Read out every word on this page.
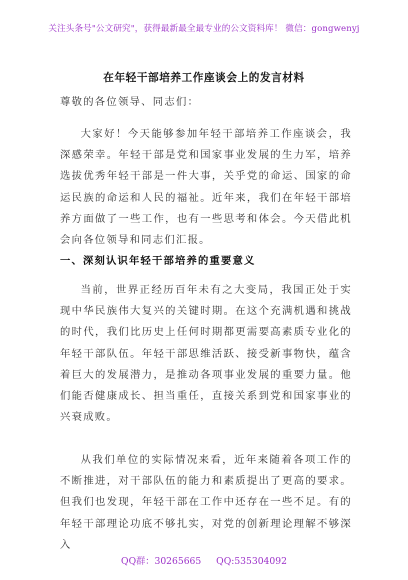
关注头条号"公文研究"，获得最新最全最专业的公文资料库！ 微信：gongwenyj
在年轻干部培养工作座谈会上的发言材料

尊敬的各位领导、同志们：

大家好！今天能够参加年轻干部培养工作座谈会，我深感荣幸。年轻干部是党和国家事业发展的生力军，培养选拔优秀年轻干部是一件大事，关乎党的命运、国家的命运民族的命运和人民的福祉。近年来，我们在年轻干部培养方面做了一些工作，也有一些思考和体会。今天借此机会向各位领导和同志们汇报。

一、深刻认识年轻干部培养的重要意义

当前，世界正经历百年未有之大变局，我国正处于实现中华民族伟大复兴的关键时期。在这个充满机遇和挑战的时代，我们比历史上任何时期都更需要高素质专业化的年轻干部队伍。年轻干部思维活跃、接受新事物快，蕴含着巨大的发展潜力，是推动各项事业发展的重要力量。他们能否健康成长、担当重任，直接关系到党和国家事业的兴衰成败。

从我们单位的实际情况来看，近年来随着各项工作的不断推进，对干部队伍的能力和素质提出了更高的要求。但我们也发现，年轻干部在工作中还存在一些不足。有的年轻干部理论功底不够扎实，对党的创新理论理解不够深入

QQ群：30265665 QQ:535304092
